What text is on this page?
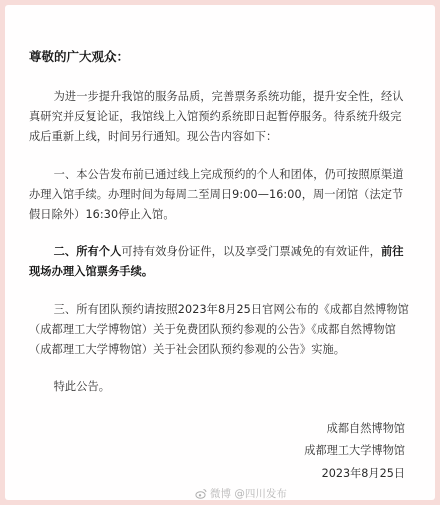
尊敬的广大观众：
为进一步提升我馆的服务品质，完善票务系统功能，提升安全性，经认真研究并反复论证，我馆线上入馆预约系统即日起暂停服务。待系统升级完成后重新上线，时间另行通知。现公告内容如下：
一、本公告发布前已通过线上完成预约的个人和团体，仍可按照原渠道办理入馆手续。办理时间为每周二至周日9:00—16:00，周一闭馆（法定节假日除外）16:30停止入馆。
二、所有个人可持有效身份证件，以及享受门票减免的有效证件，前往现场办理入馆票务手续。
三、所有团队预约请按照2023年8月25日官网公布的《成都自然博物馆（成都理工大学博物馆）关于免费团队预约参观的公告》《成都自然博物馆（成都理工大学博物馆）关于社会团队预约参观的公告》实施。
特此公告。
成都自然博物馆
成都理工大学博物馆
2023年8月25日
微博 @四川发布
